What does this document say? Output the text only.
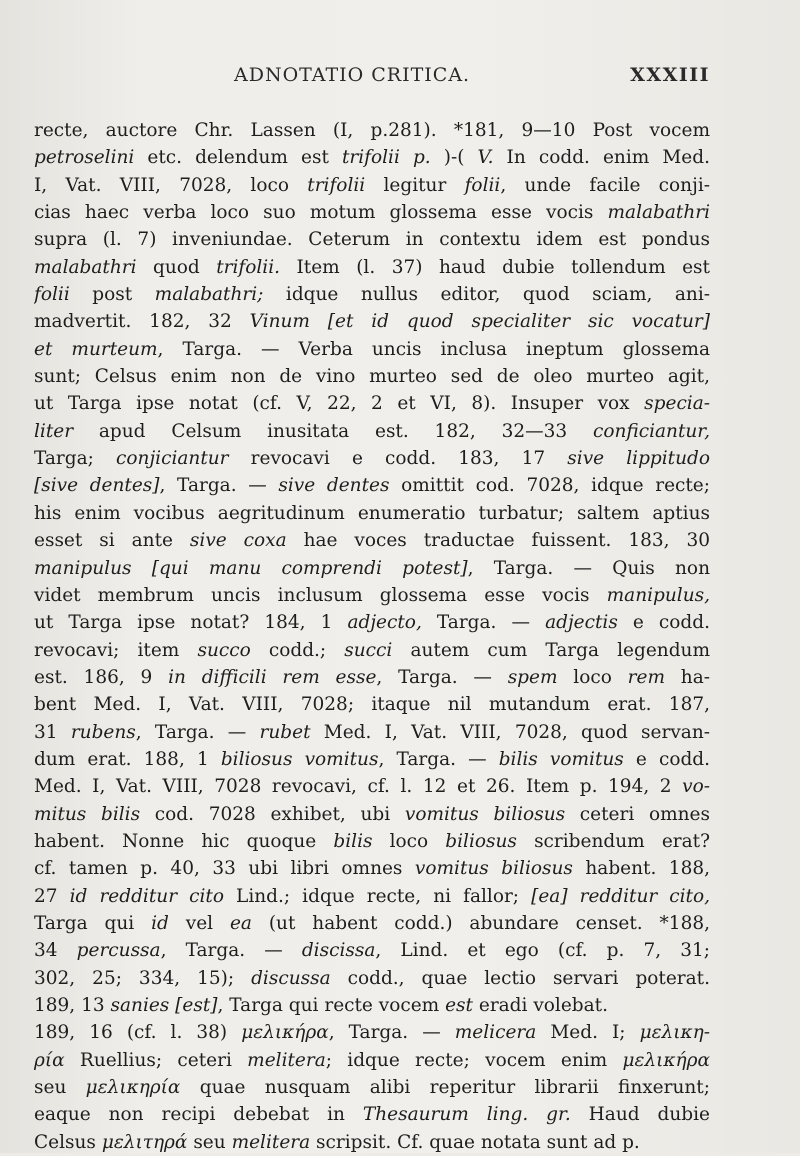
ADNOTATIO CRITICA.	XXXIII
recte, auctore Chr. Lassen (I, p.281). *181, 9—10 Post vocem
petroselini etc. delendum est trifolii p. )-( V. In codd. enim Med.
I, Vat. VIII, 7028, loco trifolii legitur folii, unde facile conji-
cias haec verba loco suo motum glossema esse vocis malabathri
supra (l. 7) inveniundae. Ceterum in contextu idem est pondus
malabathri quod trifolii. Item (l. 37) haud dubie tollendum est
folii post malabathri; idque nullus editor, quod sciam, ani-
madvertit. 182, 32 Vinum [et id quod specialiter sic vocatur]
et murteum, Targa. — Verba uncis inclusa ineptum glossema
sunt; Celsus enim non de vino murteo sed de oleo murteo agit,
ut Targa ipse notat (cf. V, 22, 2 et VI, 8). Insuper vox specia-
liter apud Celsum inusitata est. 182, 32—33 conficiantur,
Targa; conjiciantur revocavi e codd. 183, 17 sive lippitudo
[sive dentes], Targa. — sive dentes omittit cod. 7028, idque recte;
his enim vocibus aegritudinum enumeratio turbatur; saltem aptius
esset si ante sive coxa hae voces traductae fuissent. 183, 30
manipulus [qui manu comprendi potest], Targa. — Quis non
videt membrum uncis inclusum glossema esse vocis manipulus,
ut Targa ipse notat? 184, 1 adjecto, Targa. — adjectis e codd.
revocavi; item succo codd.; succi autem cum Targa legendum
est. 186, 9 in difficili rem esse, Targa. — spem loco rem ha-
bent Med. I, Vat. VIII, 7028; itaque nil mutandum erat. 187,
31 rubens, Targa. — rubet Med. I, Vat. VIII, 7028, quod servan-
dum erat. 188, 1 biliosus vomitus, Targa. — bilis vomitus e codd.
Med. I, Vat. VIII, 7028 revocavi, cf. l. 12 et 26. Item p. 194, 2 vo-
mitus bilis cod. 7028 exhibet, ubi vomitus biliosus ceteri omnes
habent. Nonne hic quoque bilis loco biliosus scribendum erat?
cf. tamen p. 40, 33 ubi libri omnes vomitus biliosus habent. 188,
27 id redditur cito Lind.; idque recte, ni fallor; [ea] redditur cito,
Targa qui id vel ea (ut habent codd.) abundare censet. *188,
34 percussa, Targa. — discissa, Lind. et ego (cf. p. 7, 31;
302, 25; 334, 15); discussa codd., quae lectio servari poterat.
189, 13 sanies [est], Targa qui recte vocem est eradi volebat.
189, 16 (cf. l. 38) μελικήρα, Targa. — melicera Med. I; μελικη-
ρία Ruellius; ceteri melitera; idque recte; vocem enim μελικήρα
seu μελικηρία quae nusquam alibi reperitur librarii finxerunt;
eaque non recipi debebat in Thesaurum ling. gr. Haud dubie
Celsus μελιτηρά seu melitera scripsit. Cf. quae notata sunt ad p.
